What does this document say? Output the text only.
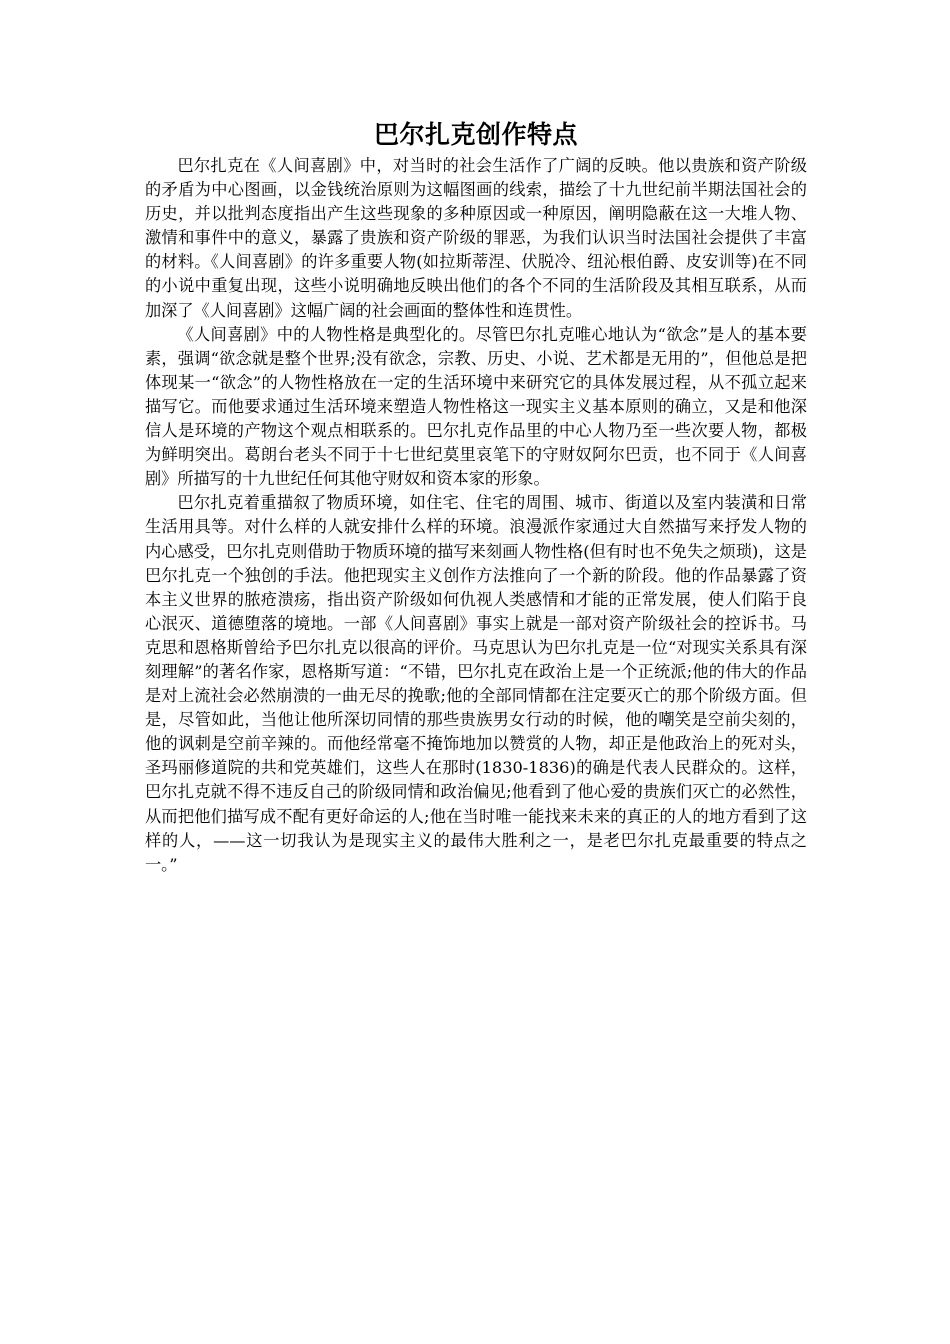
巴尔扎克创作特点

巴尔扎克在《人间喜剧》中，对当时的社会生活作了广阔的反映。他以贵族和资产阶级的矛盾为中心图画，以金钱统治原则为这幅图画的线索，描绘了十九世纪前半期法国社会的历史，并以批判态度指出产生这些现象的多种原因或一种原因，阐明隐蔽在这一大堆人物、激情和事件中的意义，暴露了贵族和资产阶级的罪恶，为我们认识当时法国社会提供了丰富的材料。《人间喜剧》的许多重要人物(如拉斯蒂涅、伏脱冷、纽沁根伯爵、皮安训等)在不同的小说中重复出现，这些小说明确地反映出他们的各个不同的生活阶段及其相互联系，从而加深了《人间喜剧》这幅广阔的社会画面的整体性和连贯性。

《人间喜剧》中的人物性格是典型化的。尽管巴尔扎克唯心地认为“欲念”是人的基本要素，强调“欲念就是整个世界;没有欲念，宗教、历史、小说、艺术都是无用的”，但他总是把体现某一“欲念”的人物性格放在一定的生活环境中来研究它的具体发展过程，从不孤立起来描写它。而他要求通过生活环境来塑造人物性格这一现实主义基本原则的确立，又是和他深信人是环境的产物这个观点相联系的。巴尔扎克作品里的中心人物乃至一些次要人物，都极为鲜明突出。葛朗台老头不同于十七世纪莫里哀笔下的守财奴阿尔巴贡，也不同于《人间喜剧》所描写的十九世纪任何其他守财奴和资本家的形象。

巴尔扎克着重描叙了物质环境，如住宅、住宅的周围、城市、街道以及室内装潢和日常生活用具等。对什么样的人就安排什么样的环境。浪漫派作家通过大自然描写来抒发人物的内心感受，巴尔扎克则借助于物质环境的描写来刻画人物性格(但有时也不免失之烦琐)，这是巴尔扎克一个独创的手法。他把现实主义创作方法推向了一个新的阶段。他的作品暴露了资本主义世界的脓疮溃疡，指出资产阶级如何仇视人类感情和才能的正常发展，使人们陷于良心泯灭、道德堕落的境地。一部《人间喜剧》事实上就是一部对资产阶级社会的控诉书。马克思和恩格斯曾给予巴尔扎克以很高的评价。马克思认为巴尔扎克是一位“对现实关系具有深刻理解”的著名作家，恩格斯写道：“不错，巴尔扎克在政治上是一个正统派;他的伟大的作品是对上流社会必然崩溃的一曲无尽的挽歌;他的全部同情都在注定要灭亡的那个阶级方面。但是，尽管如此，当他让他所深切同情的那些贵族男女行动的时候，他的嘲笑是空前尖刻的，他的讽刺是空前辛辣的。而他经常毫不掩饰地加以赞赏的人物，却正是他政治上的死对头，圣玛丽修道院的共和党英雄们，这些人在那时(1830-1836)的确是代表人民群众的。这样，巴尔扎克就不得不违反自己的阶级同情和政治偏见;他看到了他心爱的贵族们灭亡的必然性，从而把他们描写成不配有更好命运的人;他在当时唯一能找来未来的真正的人的地方看到了这样的人，——这一切我认为是现实主义的最伟大胜利之一，是老巴尔扎克最重要的特点之一。”
